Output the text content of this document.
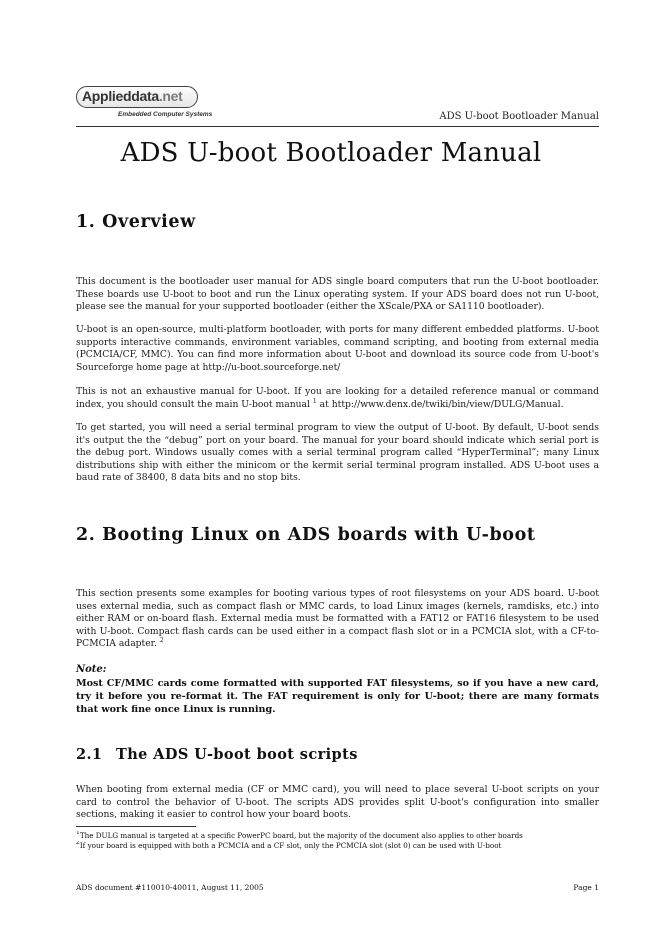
Applieddata.net
Embedded Computer Systems	ADS U-boot Bootloader Manual
ADS U-boot Bootloader Manual
1. Overview

This document is the bootloader user manual for ADS single board computers that run the U-boot bootloader. These boards use U-boot to boot and run the Linux operating system. If your ADS board does not run U-boot, please see the manual for your supported bootloader (either the XScale/PXA or SA1110 bootloader).

U-boot is an open-source, multi-platform bootloader, with ports for many different embedded platforms. U-boot supports interactive commands, environment variables, command scripting, and booting from external media (PCMCIA/CF, MMC). You can find more information about U-boot and download its source code from U-boot's Sourceforge home page at http://u-boot.sourceforge.net/

This is not an exhaustive manual for U-boot. If you are looking for a detailed reference manual or command index, you should consult the main U-boot manual $^1$ at http://www.denx.de/twiki/bin/view/DULG/Manual.

To get started, you will need a serial terminal program to view the output of U-boot. By default, U-boot sends it's output the the “debug” port on your board. The manual for your board should indicate which serial port is the debug port. Windows usually comes with a serial terminal program called “HyperTerminal”; many Linux distributions ship with either the minicom or the kermit serial terminal program installed. ADS U-boot uses a baud rate of 38400, 8 data bits and no stop bits.

2. Booting Linux on ADS boards with U-boot

This section presents some examples for booting various types of root filesystems on your ADS board. U-boot uses external media, such as compact flash or MMC cards, to load Linux images (kernels, ramdisks, etc.) into either RAM or on-board flash. External media must be formatted with a FAT12 or FAT16 filesystem to be used with U-boot. Compact flash cards can be used either in a compact flash slot or in a PCMCIA slot, with a CF-to-PCMCIA adapter. $^2$

Note:

Most CF/MMC cards come formatted with supported FAT filesystems, so if you have a new card, try it before you re-format it. The FAT requirement is only for U-boot; there are many formats that work fine once Linux is running.

2.1 The ADS U-boot boot scripts

When booting from external media (CF or MMC card), you will need to place several U-boot scripts on your card to control the behavior of U-boot. The scripts ADS provides split U-boot's configuration into smaller sections, making it easier to control how your board boots.

$^1$The DULG manual is targeted at a specific PowerPC board, but the majority of the document also applies to other boards

$^2$If your board is equipped with both a PCMCIA and a CF slot, only the PCMCIA slot (slot 0) can be used with U-boot

ADS document #110010-40011, August 11, 2005	Page 1
